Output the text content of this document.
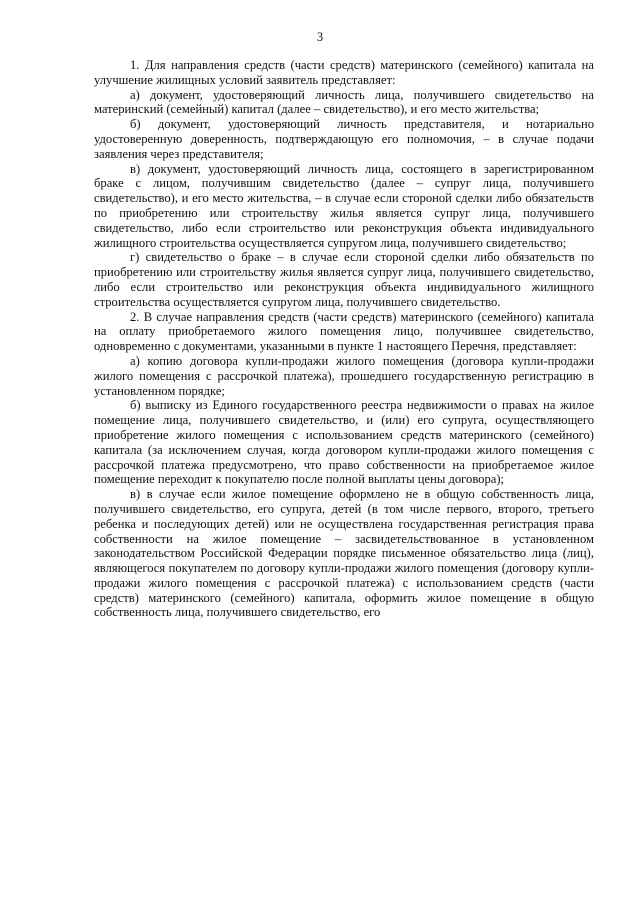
3

1. Для направления средств (части средств) материнского (семейного) капитала на улучшение жилищных условий заявитель представляет:

а) документ, удостоверяющий личность лица, получившего свидетельство на материнский (семейный) капитал (далее – свидетельство), и его место жительства;

б) документ, удостоверяющий личность представителя, и нотариально удостоверенную доверенность, подтверждающую его полномочия, – в случае подачи заявления через представителя;

в) документ, удостоверяющий личность лица, состоящего в зарегистрированном браке с лицом, получившим свидетельство (далее – супруг лица, получившего свидетельство), и его место жительства, – в случае если стороной сделки либо обязательств по приобретению или строительству жилья является супруг лица, получившего свидетельство, либо если строительство или реконструкция объекта индивидуального жилищного строительства осуществляется супругом лица, получившего свидетельство;

г) свидетельство о браке – в случае если стороной сделки либо обязательств по приобретению или строительству жилья является супруг лица, получившего свидетельство, либо если строительство или реконструкция объекта индивидуального жилищного строительства осуществляется супругом лица, получившего свидетельство.

2. В случае направления средств (части средств) материнского (семейного) капитала на оплату приобретаемого жилого помещения лицо, получившее свидетельство, одновременно с документами, указанными в пункте 1 настоящего Перечня, представляет:

а) копию договора купли-продажи жилого помещения (договора купли-продажи жилого помещения с рассрочкой платежа), прошедшего государственную регистрацию в установленном порядке;

б) выписку из Единого государственного реестра недвижимости о правах на жилое помещение лица, получившего свидетельство, и (или) его супруга, осуществляющего приобретение жилого помещения с использованием средств материнского (семейного) капитала (за исключением случая, когда договором купли-продажи жилого помещения с рассрочкой платежа предусмотрено, что право собственности на приобретаемое жилое помещение переходит к покупателю после полной выплаты цены договора);

в) в случае если жилое помещение оформлено не в общую собственность лица, получившего свидетельство, его супруга, детей (в том числе первого, второго, третьего ребенка и последующих детей) или не осуществлена государственная регистрация права собственности на жилое помещение – засвидетельствованное в установленном законодательством Российской Федерации порядке письменное обязательство лица (лиц), являющегося покупателем по договору купли-продажи жилого помещения (договору купли-продажи жилого помещения с рассрочкой платежа) с использованием средств (части средств) материнского (семейного) капитала, оформить жилое помещение в общую собственность лица, получившего свидетельство, его
